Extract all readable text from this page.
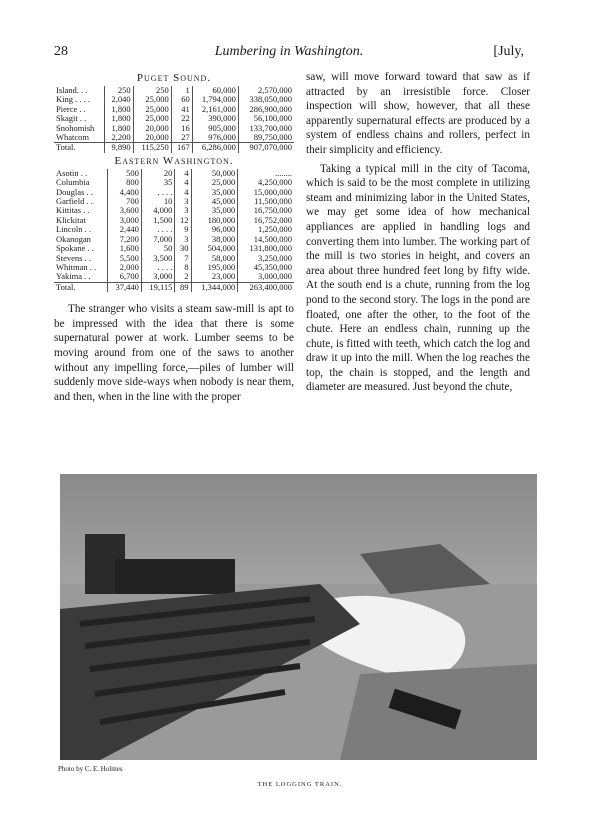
28	Lumbering in Washington.	[July,
Puget Sound.
Island. . .	250	250	1	60,000	2,570,000
King . . . .	2,040	25,000	60	1,794,000	338,050,000
Pierce . .	1,800	25,000	41	2,161,000	286,900,000
Skagit . .	1,800	25,000	22	390,000	56,100,000
Snohomish	1,800	20,000	16	905,000	133,700,000
Whatcom	2,200	20,000	27	976,000	89,750,000
Total.	9,890	115,250	167	6,286,000	907,070,000
Eastern Washington.
Asotin . .	500	20	4	50,000	........
Columbia	800	35	4	25,000	4,250,000
Douglas . .	4,400	. . . .	4	35,000	15,000,000
Garfield . .	700	10	3	45,000	11,500,000
Kittitas . .	3,600	4,000	3	35,000	16,750,000
Klickitat	3,000	1,500	12	180,000	16,752,000
Lincoln . .	2,440	. . . .	9	96,000	1,250,000
Okanogan	7,200	7,000	3	38,000	14,500,000
Spokane . .	1,600	50	30	504,000	131,800,000
Stevens . .	5,500	3,500	7	58,000	3,250,000
Whitman . .	2,000	. . . .	8	195,000	45,350,000
Yakima . .	6,700	3,000	2	23,000	3,000,000
Total.	37,440	19,115	89	1,344,000	263,400,000

The stranger who visits a steam saw-mill is apt to be impressed with the idea that there is some supernatural power at work. Lumber seems to be moving around from one of the saws to another without any impelling force,—piles of lumber will suddenly move side-ways when nobody is near them, and then, when in the line with the proper

saw, will move forward toward that saw as if attracted by an irresistible force. Closer inspection will show, however, that all these apparently supernatural effects are produced by a system of endless chains and rollers, perfect in their simplicity and efficiency.

Taking a typical mill in the city of Tacoma, which is said to be the most complete in utilizing steam and minimizing labor in the United States, we may get some idea of how mechanical appliances are applied in handling logs and converting them into lumber. The working part of the mill is two stories in height, and covers an area about three hundred feet long by fifty wide. At the south end is a chute, running from the log pond to the second story. The logs in the pond are floated, one after the other, to the foot of the chute. Here an endless chain, running up the chute, is fitted with teeth, which catch the log and draw it up into the mill. When the log reaches the top, the chain is stopped, and the length and diameter are measured. Just beyond the chute,

Photo by C. E. Holmes
THE LOGGING TRAIN.
